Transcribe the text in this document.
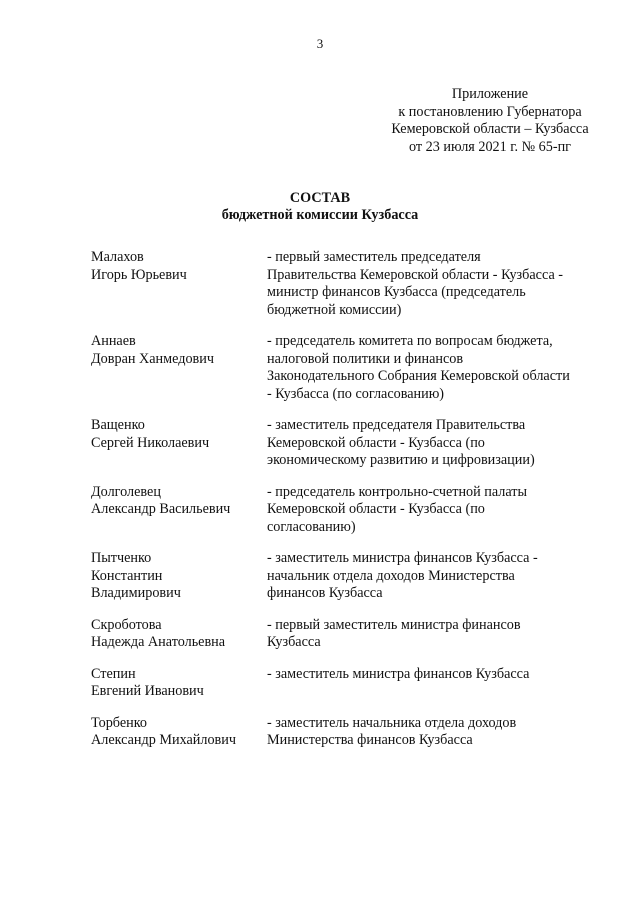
3
Приложение
к постановлению Губернатора
Кемеровской области – Кузбасса
от 23 июля 2021 г. № 65-пг
СОСТАВ
бюджетной комиссии Кузбасса
Малахов
Игорь Юрьевич
- первый заместитель председателя Правительства Кемеровской области - Кузбасса - министр финансов Кузбасса (председатель бюджетной комиссии)
Аннаев
Довран Ханмедович
- председатель комитета по вопросам бюджета, налоговой политики и финансов Законодательного Собрания Кемеровской области - Кузбасса (по согласованию)
Ващенко
Сергей Николаевич
- заместитель председателя Правительства Кемеровской области - Кузбасса (по экономическому развитию и цифровизации)
Долголевец
Александр Васильевич
- председатель контрольно-счетной палаты Кемеровской области - Кузбасса (по согласованию)
Пытченко
Константин
Владимирович
- заместитель министра финансов Кузбасса - начальник отдела доходов Министерства финансов Кузбасса
Скроботова
Надежда Анатольевна
- первый заместитель министра финансов Кузбасса
Степин
Евгений Иванович
- заместитель министра финансов Кузбасса
Торбенко
Александр Михайлович
- заместитель начальника отдела доходов Министерства финансов Кузбасса
